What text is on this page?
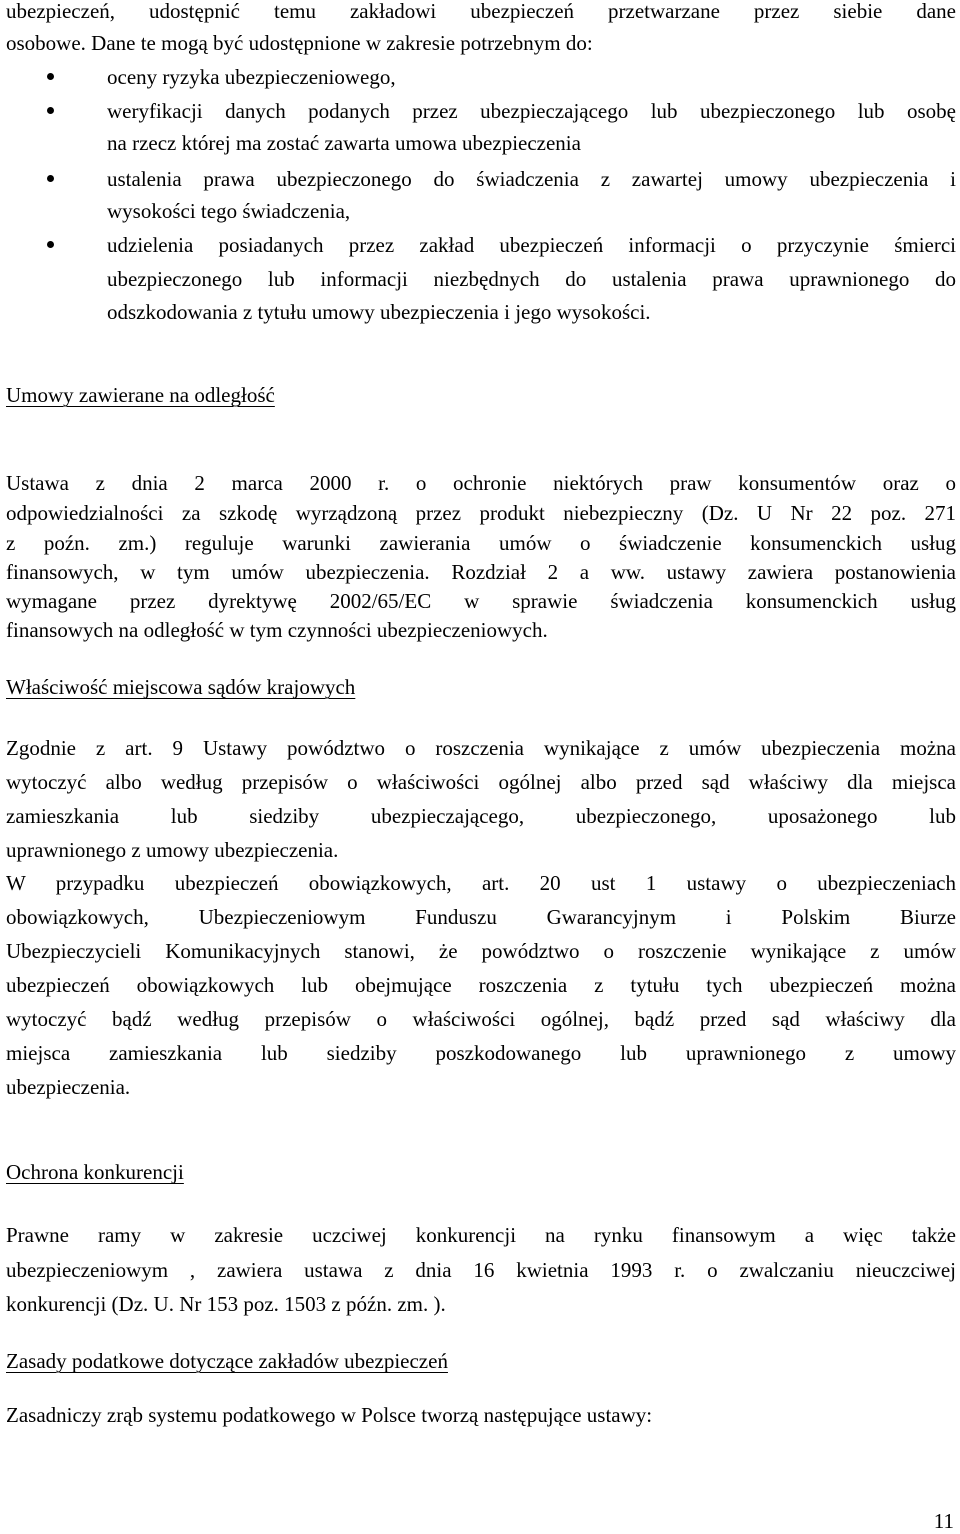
ubezpieczeń, udostępnić temu zakładowi ubezpieczeń przetwarzane przez siebie dane
osobowe. Dane te mogą być udostępnione w zakresie potrzebnym do:
oceny ryzyka ubezpieczeniowego,
weryfikacji danych podanych przez ubezpieczającego lub ubezpieczonego lub osobę
na rzecz której ma zostać zawarta umowa ubezpieczenia
ustalenia prawa ubezpieczonego do świadczenia z zawartej umowy ubezpieczenia i
wysokości tego świadczenia,
udzielenia posiadanych przez zakład ubezpieczeń informacji o przyczynie śmierci
ubezpieczonego lub informacji niezbędnych do ustalenia prawa uprawnionego do
odszkodowania z tytułu umowy ubezpieczenia i jego wysokości.
Umowy zawierane na odległość
Ustawa z dnia 2 marca 2000 r. o ochronie niektórych praw konsumentów oraz o
odpowiedzialności za szkodę wyrządzoną przez produkt niebezpieczny (Dz. U Nr 22 poz. 271
z poźn. zm.) reguluje warunki zawierania umów o świadczenie konsumenckich usług
finansowych, w tym umów ubezpieczenia. Rozdział 2 a ww. ustawy zawiera postanowienia
wymagane przez dyrektywę 2002/65/EC w sprawie świadczenia konsumenckich usług
finansowych na odległość w tym czynności ubezpieczeniowych.
Właściwość miejscowa sądów krajowych
Zgodnie z art. 9 Ustawy powództwo o roszczenia wynikające z umów ubezpieczenia można
wytoczyć albo według przepisów o właściwości ogólnej albo przed sąd właściwy dla miejsca
zamieszkania lub siedziby ubezpieczającego, ubezpieczonego, uposażonego lub
uprawnionego z umowy ubezpieczenia.
W przypadku ubezpieczeń obowiązkowych, art. 20 ust 1 ustawy o ubezpieczeniach
obowiązkowych, Ubezpieczeniowym Funduszu Gwarancyjnym i Polskim Biurze
Ubezpieczycieli Komunikacyjnych stanowi, że powództwo o roszczenie wynikające z umów
ubezpieczeń obowiązkowych lub obejmujące roszczenia z tytułu tych ubezpieczeń można
wytoczyć bądź według przepisów o właściwości ogólnej, bądź przed sąd właściwy dla
miejsca zamieszkania lub siedziby poszkodowanego lub uprawnionego z umowy
ubezpieczenia.
Ochrona konkurencji
Prawne ramy w zakresie uczciwej konkurencji na rynku finansowym a więc także
ubezpieczeniowym , zawiera ustawa z dnia 16 kwietnia 1993 r. o zwalczaniu nieuczciwej
konkurencji (Dz. U. Nr 153 poz. 1503 z późn. zm. ).
Zasady podatkowe dotyczące zakładów ubezpieczeń
Zasadniczy zrąb systemu podatkowego w Polsce tworzą następujące ustawy:
11
